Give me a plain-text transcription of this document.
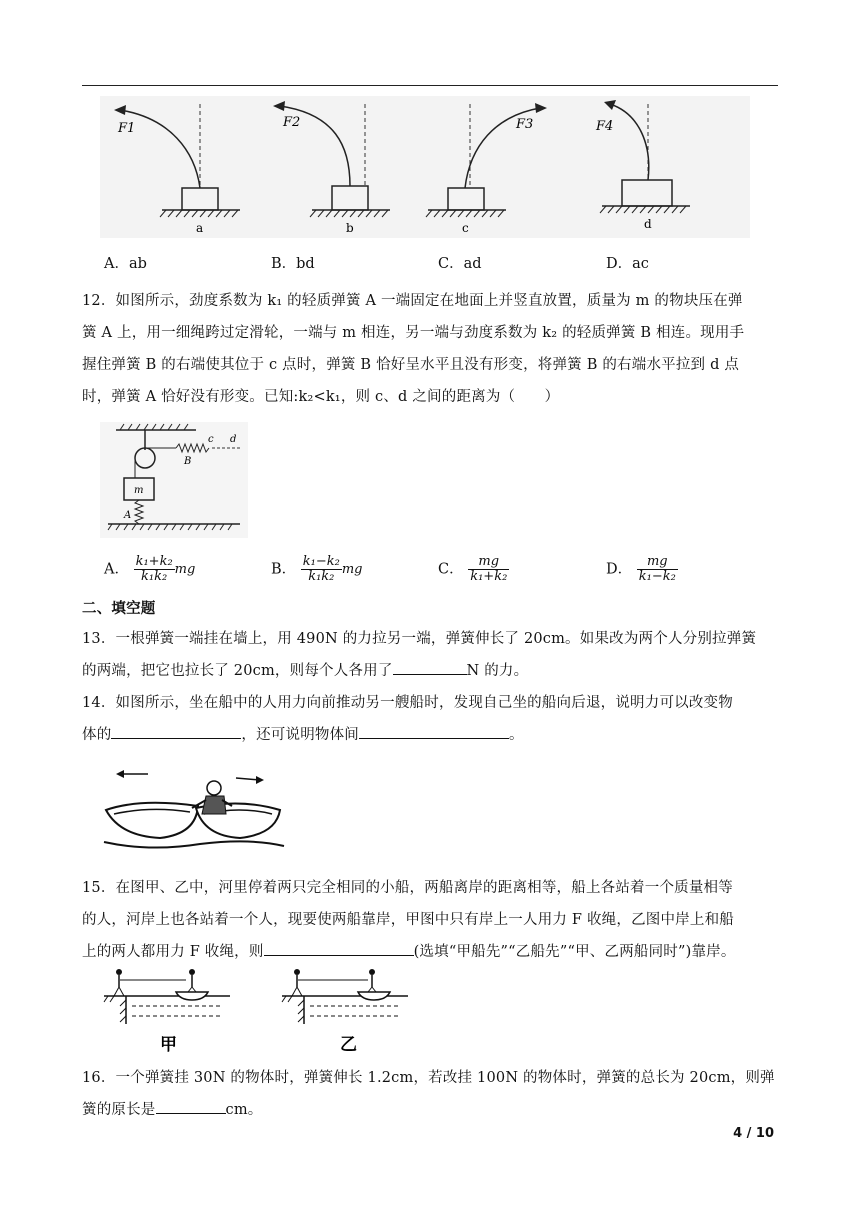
F1
a
F2
b
F3
c
F4
d
A．ab	B．bd	C．ad	D．ac
12．如图所示，劲度系数为 k₁ 的轻质弹簧 A 一端固定在地面上并竖直放置，质量为 m 的物块压在弹
簧 A 上，用一细绳跨过定滑轮，一端与 m 相连，另一端与劲度系数为 k₂ 的轻质弹簧 B 相连。现用手
握住弹簧 B 的右端使其位于 c 点时，弹簧 B 恰好呈水平且没有形变，将弹簧 B 的右端水平拉到 d 点
时，弹簧 A 恰好没有形变。已知:k₂<k₁，则 c、d 之间的距离为（　　）
c d
B
m
A
A． $\frac{\text{k₁+k₂}}{\text{k₁k₂}}$ mg	B． $\frac{\text{k₁−k₂}}{\text{k₁k₂}}$ mg	C． $\frac{mg}{\text{k₁+k₂}}$	D． $\frac{mg}{\text{k₁−k₂}}$
二、填空题
13．一根弹簧一端挂在墙上，用 490N 的力拉另一端，弹簧伸长了 20cm。如果改为两个人分别拉弹簧
的两端，把它也拉长了 20cm，则每个人各用了	N 的力。
14．如图所示，坐在船中的人用力向前推动另一艘船时，发现自己坐的船向后退，说明力可以改变物
体的	，还可说明物体间	。
15．在图甲、乙中，河里停着两只完全相同的小船，两船离岸的距离相等，船上各站着一个质量相等
的人，河岸上也各站着一个人，现要使两船靠岸，甲图中只有岸上一人用力 F 收绳，乙图中岸上和船
上的两人都用力 F 收绳，则	(选填“甲船先”“乙船先”“甲、乙两船同时”)靠岸。
甲	乙
16．一个弹簧挂 30N 的物体时，弹簧伸长 1.2cm，若改挂 100N 的物体时，弹簧的总长为 20cm，则弹
簧的原长是	cm。
4 / 10
